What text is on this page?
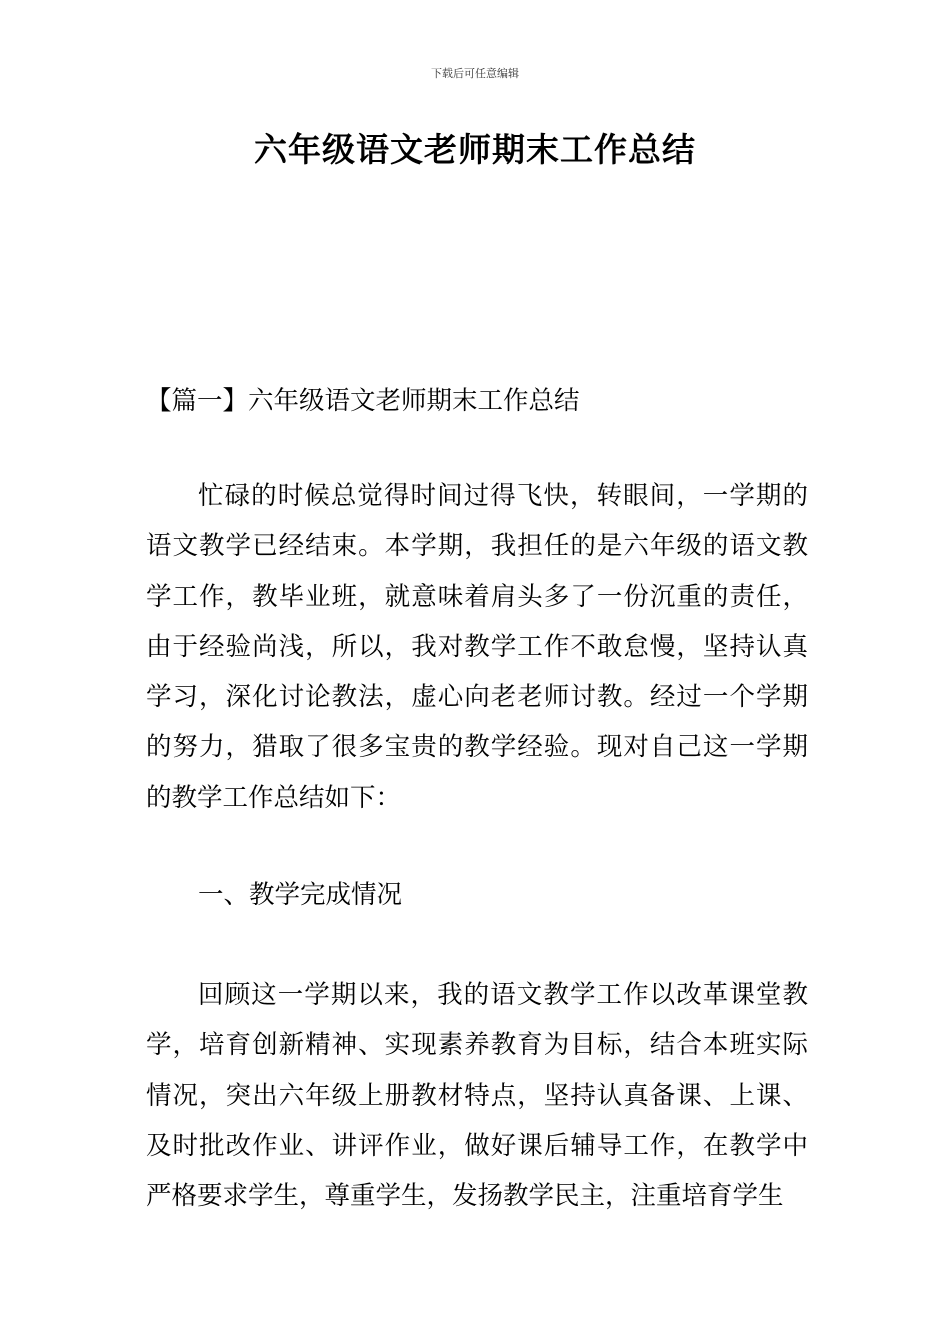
下载后可任意编辑
六年级语文老师期末工作总结

【篇一】六年级语文老师期末工作总结

忙碌的时候总觉得时间过得飞快，转眼间，一学期的语文教学已经结束。本学期，我担任的是六年级的语文教学工作，教毕业班，就意味着肩头多了一份沉重的责任，由于经验尚浅，所以，我对教学工作不敢怠慢，坚持认真学习，深化讨论教法，虚心向老老师讨教。经过一个学期的努力，猎取了很多宝贵的教学经验。现对自己这一学期的教学工作总结如下：

一、教学完成情况

回顾这一学期以来，我的语文教学工作以改革课堂教学，培育创新精神、实现素养教育为目标，结合本班实际情况，突出六年级上册教材特点，坚持认真备课、上课、及时批改作业、讲评作业，做好课后辅导工作，在教学中严格要求学生，尊重学生，发扬教学民主，注重培育学生
